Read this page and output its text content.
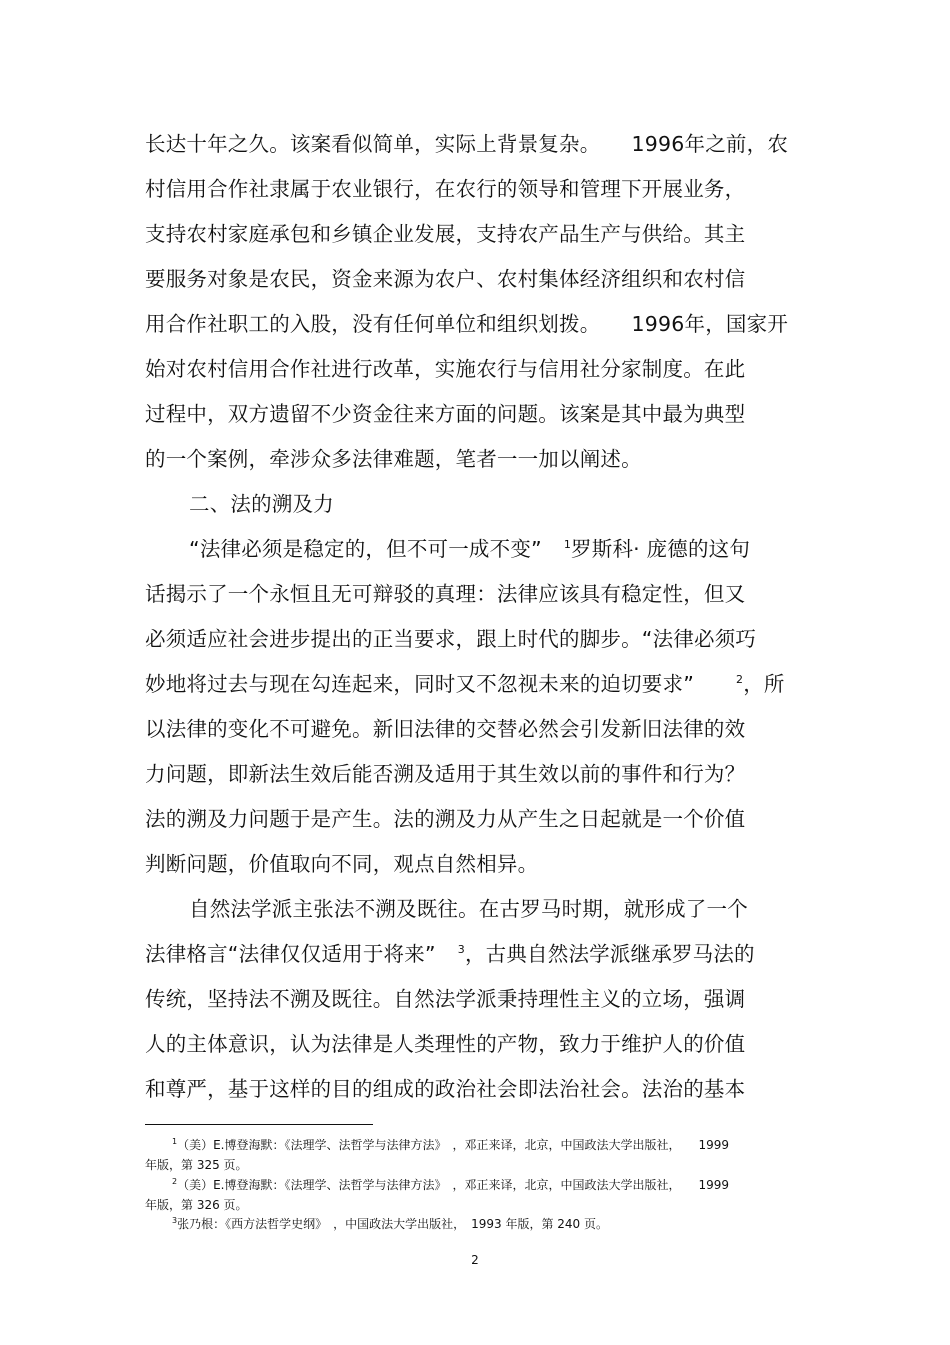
长达十年之久。该案看似简单，实际上背景复杂。　　1996年之前，农
村信用合作社隶属于农业银行，在农行的领导和管理下开展业务，
支持农村家庭承包和乡镇企业发展，支持农产品生产与供给。其主
要服务对象是农民，资金来源为农户、农村集体经济组织和农村信
用合作社职工的入股，没有任何单位和组织划拨。　　1996年，国家开
始对农村信用合作社进行改革，实施农行与信用社分家制度。在此
过程中，双方遗留不少资金往来方面的问题。该案是其中最为典型
的一个案例，牵涉众多法律难题，笔者一一加以阐述。
二、法的溯及力
“法律必须是稳定的，但不可一成不变” $^1$罗斯科· 庞德的这句
话揭示了一个永恒且无可辩驳的真理：法律应该具有稳定性，但又
必须适应社会进步提出的正当要求，跟上时代的脚步。“法律必须巧
妙地将过去与现在勾连起来，同时又不忽视未来的迫切要求”	$^2$，所
以法律的变化不可避免。新旧法律的交替必然会引发新旧法律的效
力问题，即新法生效后能否溯及适用于其生效以前的事件和行为？
法的溯及力问题于是产生。法的溯及力从产生之日起就是一个价值
判断问题，价值取向不同，观点自然相异。
自然法学派主张法不溯及既往。在古罗马时期，就形成了一个
法律格言“法律仅仅适用于将来” $^3$，古典自然法学派继承罗马法的
传统，坚持法不溯及既往。自然法学派秉持理性主义的立场，强调
人的主体意识，认为法律是人类理性的产物，致力于维护人的价值
和尊严，基于这样的目的组成的政治社会即法治社会。法治的基本
$^1$（美）E.博登海默：《法理学、法哲学与法律方法》　，邓正来译，北京，中国政法大学出版社，　　1999
年版，第 325 页。
$^2$（美）E.博登海默：《法理学、法哲学与法律方法》　，邓正来译，北京，中国政法大学出版社，　　1999
年版，第 326 页。
$^3$张乃根：《西方法哲学史纲》　，中国政法大学出版社，　1993 年版，第 240 页。
2
